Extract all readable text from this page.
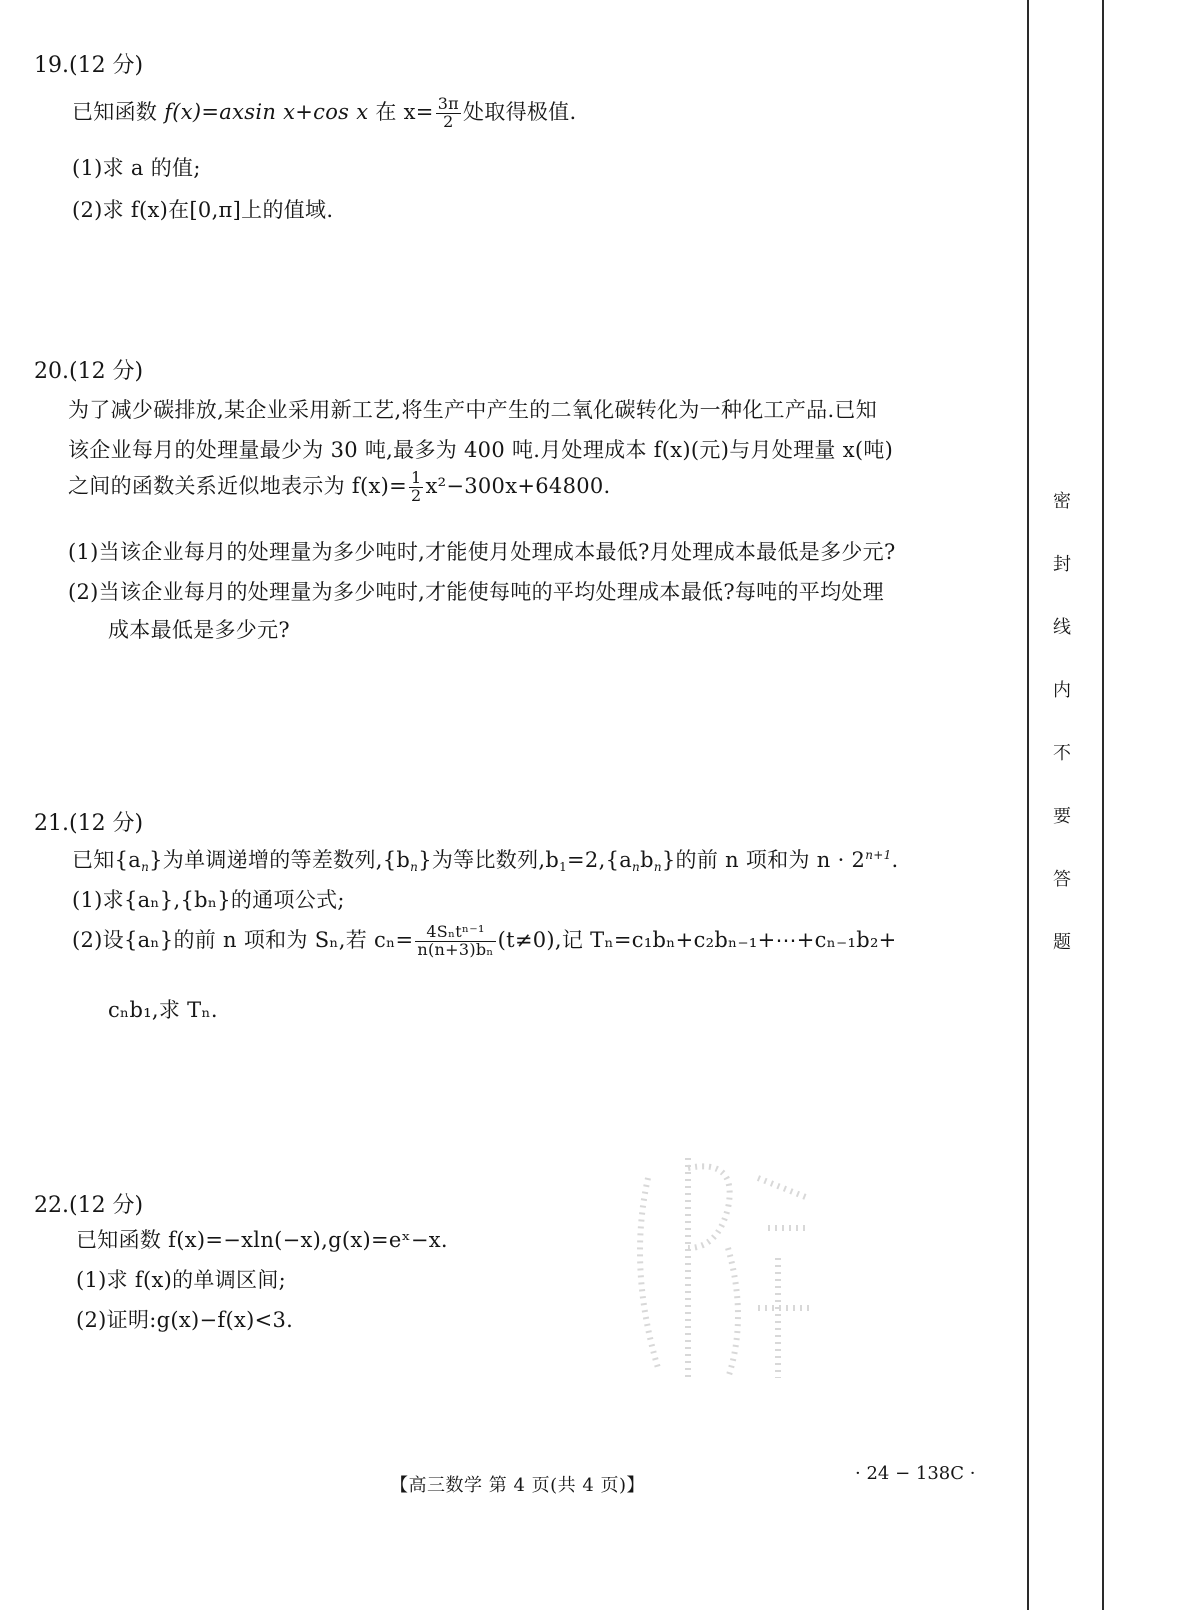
密
封
线
内
不
要
答
题
19.(12 分)
已知函数 f(x)=axsin x+cos x 在 $x= \frac{3\pi}{2}$ 处取得极值.
(1)求 a 的值;
(2)求 f(x)在[0,π]上的值域.
20.(12 分)
为了减少碳排放,某企业采用新工艺,将生产中产生的二氧化碳转化为一种化工产品.已知
该企业每月的处理量最少为 30 吨,最多为 400 吨.月处理成本 f(x)(元)与月处理量 x(吨)
之间的函数关系近似地表示为 $f(x)= \frac{1}{2} x^2-300x+64800$.
(1)当该企业每月的处理量为多少吨时,才能使月处理成本最低?月处理成本最低是多少元?
(2)当该企业每月的处理量为多少吨时,才能使每吨的平均处理成本最低?每吨的平均处理
成本最低是多少元?
21.(12 分)
已知$\{a_n\}$为单调递增的等差数列$,\{b_n\}$为等比数列$,b_1=2,\{a_nb_n\}$的前 n 项和为 $n \cdot 2^{n+1}$.
(1)求{aₙ},{bₙ}的通项公式;
(2)设{aₙ}的前 n 项和为 Sₙ,若 $c_n= \frac{\text{4Sₙtⁿ⁻¹}}{\text{n(n+3)bₙ}} (t\ne 0)$,记 Tₙ=c₁bₙ+c₂bₙ₋₁+⋯+cₙ₋₁b₂+
cₙb₁,求 Tₙ.
22.(12 分)
已知函数 f(x)=−xln(−x),g(x)=eˣ−x.
(1)求 f(x)的单调区间;
(2)证明:g(x)−f(x)<3.
【高三数学 第 4 页(共 4 页)】
· 24 − 138C ·
